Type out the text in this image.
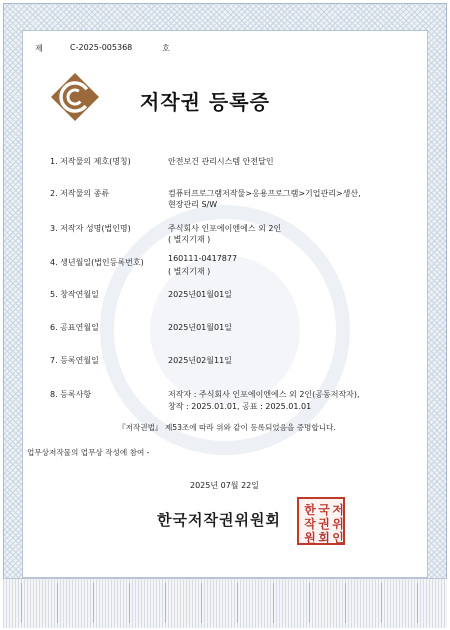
제	C-2025-005368	호
저작권 등록증
1. 저작물의 제호(명칭)	안전보건 관리시스템 안전달인
2. 저작물의 종류	컴퓨터프로그램저작물>응용프로그램>기업관리>생산,
현장관리 S/W
3. 저작자 성명(법인명)	주식회사 인포에이엔에스 외 2인
( 별지기재 )
4. 생년월일(법인등록번호)	160111-0417877
( 별지기재 )
5. 창작연월일	2025년01월01일
6. 공표연월일	2025년01월01일
7. 등록연월일	2025년02월11일
8. 등록사항	저작자 : 주식회사 인포에이엔에스 외 2인(공동저작자),
창작 : 2025.01.01, 공표 : 2025.01.01
『저작권법』 제53조에 따라 위와 같이 등록되었음을 증명합니다.
업무상저작물의 업무상 작성에 참여 -
2025년 07월 22일
한국저작권위원회
한 국 저
작 권 위
원 회 인
